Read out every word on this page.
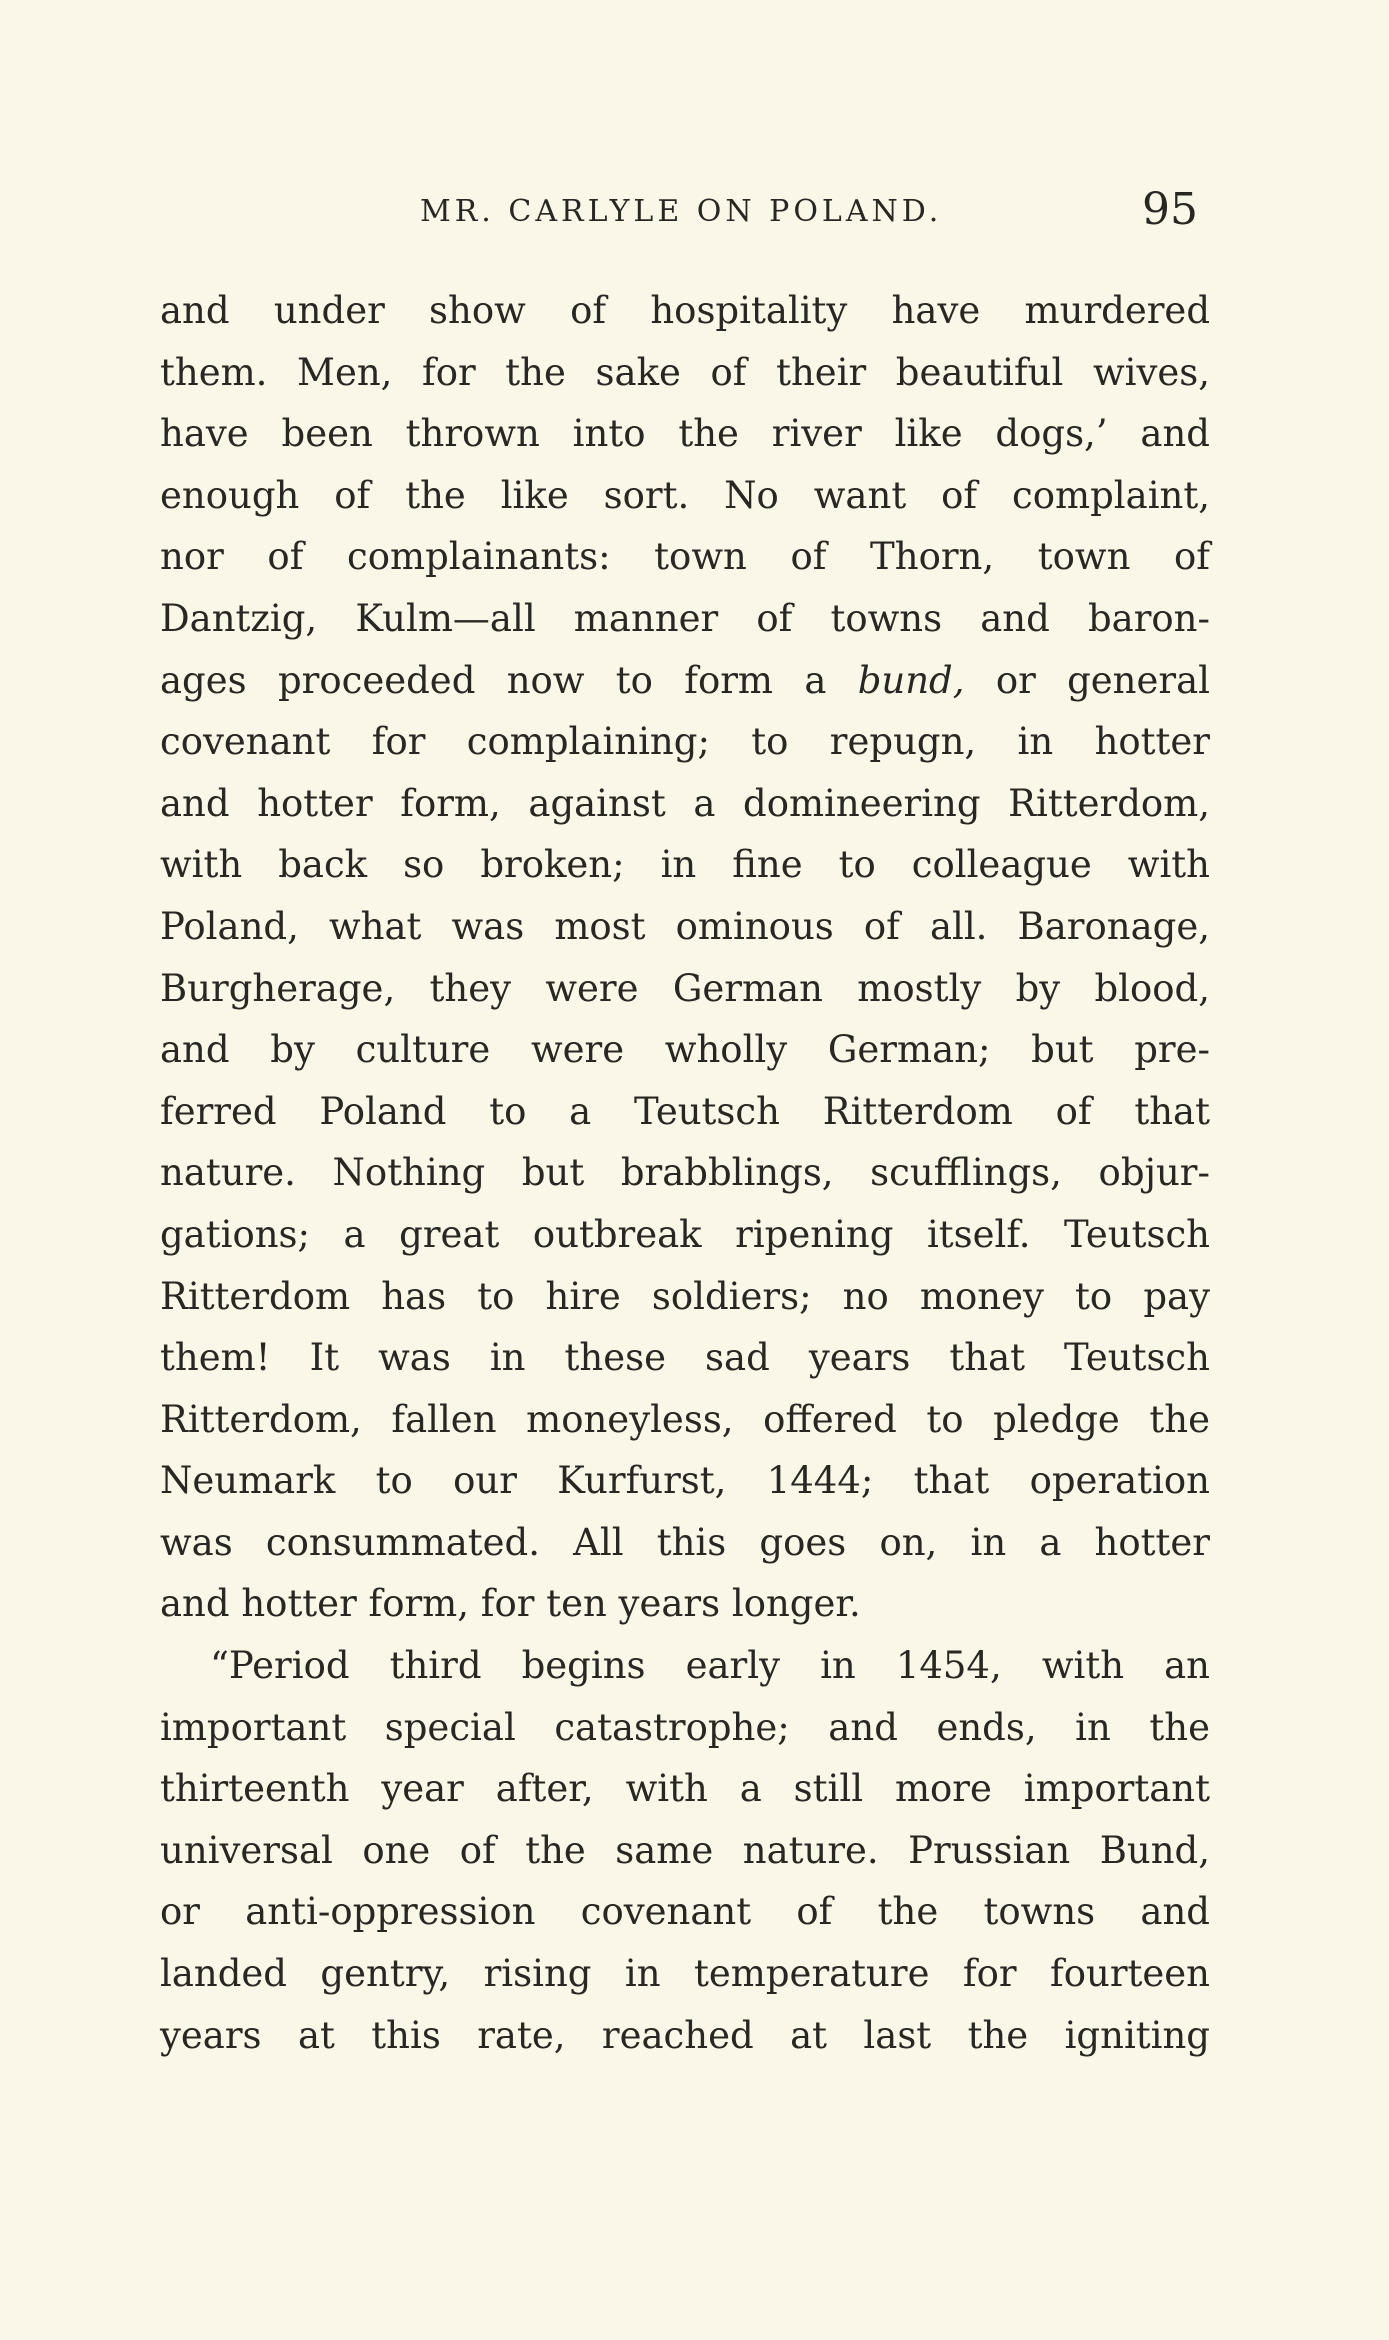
MR. CARLYLE ON POLAND.	95
and under show of hospitality have murdered
them. Men, for the sake of their beautiful wives,
have been thrown into the river like dogs,’ and
enough of the like sort. No want of complaint,
nor of complainants: town of Thorn, town of
Dantzig, Kulm—all manner of towns and baron-
ages proceeded now to form a bund, or general
covenant for complaining; to repugn, in hotter
and hotter form, against a domineering Ritterdom,
with back so broken; in fine to colleague with
Poland, what was most ominous of all. Baronage,
Burgherage, they were German mostly by blood,
and by culture were wholly German; but pre-
ferred Poland to a Teutsch Ritterdom of that
nature. Nothing but brabblings, scufflings, objur-
gations; a great outbreak ripening itself. Teutsch
Ritterdom has to hire soldiers; no money to pay
them! It was in these sad years that Teutsch
Ritterdom, fallen moneyless, offered to pledge the
Neumark to our Kurfurst, 1444; that operation
was consummated. All this goes on, in a hotter
and hotter form, for ten years longer.
“Period third begins early in 1454, with an
important special catastrophe; and ends, in the
thirteenth year after, with a still more important
universal one of the same nature. Prussian Bund,
or anti-oppression covenant of the towns and
landed gentry, rising in temperature for fourteen
years at this rate, reached at last the igniting
